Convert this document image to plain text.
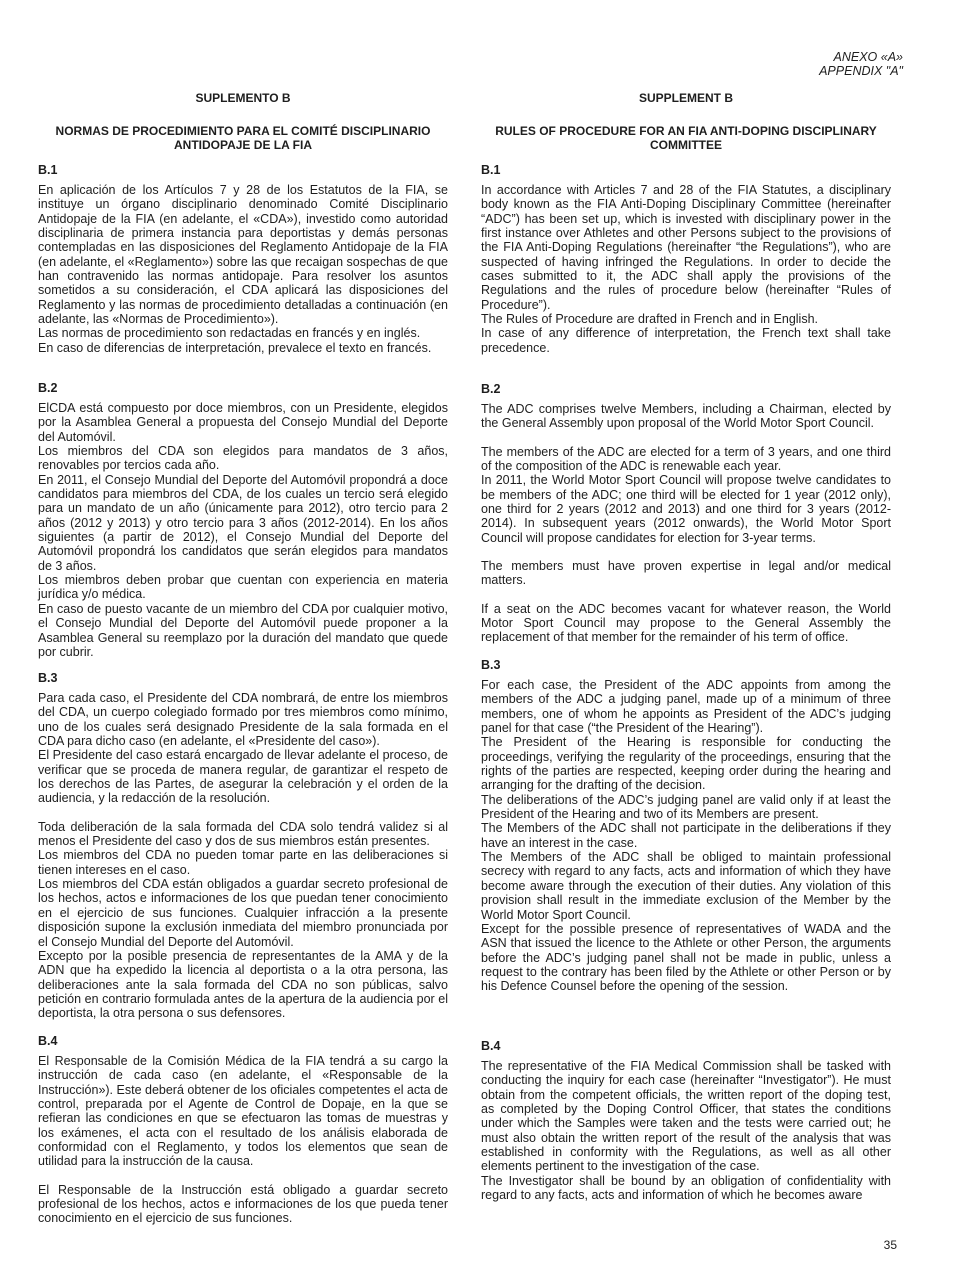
ANEXO «A»
APPENDIX "A"
SUPLEMENTO B
NORMAS DE PROCEDIMIENTO PARA EL COMITÉ DISCIPLINARIO ANTIDOPAJE DE LA FIA
B.1

En aplicación de los Artículos 7 y 28 de los Estatutos de la FIA, se instituye un órgano disciplinario denominado Comité Disciplinario Antidopaje de la FIA (en adelante, el «CDA»), investido como autoridad disciplinaria de primera instancia para deportistas y demás personas contempladas en las disposiciones del Reglamento Antidopaje de la FIA (en adelante, el «Reglamento») sobre las que recaigan sospechas de que han contravenido las normas antidopaje. Para resolver los asuntos sometidos a su consideración, el CDA aplicará las disposiciones del Reglamento y las normas de procedimiento detalladas a continuación (en adelante, las «Normas de Procedimiento»).

Las normas de procedimiento son redactadas en francés y en inglés.

En caso de diferencias de interpretación, prevalece el texto en francés.

B.2

ElCDA está compuesto por doce miembros, con un Presidente, elegidos por la Asamblea General a propuesta del Consejo Mundial del Deporte del Automóvil.

Los miembros del CDA son elegidos para mandatos de 3 años, renovables por tercios cada año.

En 2011, el Consejo Mundial del Deporte del Automóvil propondrá a doce candidatos para miembros del CDA, de los cuales un tercio será elegido para un mandato de un año (únicamente para 2012), otro tercio para 2 años (2012 y 2013) y otro tercio para 3 años (2012-2014). En los años siguientes (a partir de 2012), el Consejo Mundial del Deporte del Automóvil propondrá los candidatos que serán elegidos para mandatos de 3 años.

Los miembros deben probar que cuentan con experiencia en materia jurídica y/o médica.

En caso de puesto vacante de un miembro del CDA por cualquier motivo, el Consejo Mundial del Deporte del Automóvil puede proponer a la Asamblea General su reemplazo por la duración del mandato que quede por cubrir.

B.3

Para cada caso, el Presidente del CDA nombrará, de entre los miembros del CDA, un cuerpo colegiado formado por tres miembros como mínimo, uno de los cuales será designado Presidente de la sala formada en el CDA para dicho caso (en adelante, el «Presidente del caso»).

El Presidente del caso estará encargado de llevar adelante el proceso, de verificar que se proceda de manera regular, de garantizar el respeto de los derechos de las Partes, de asegurar la celebración y el orden de la audiencia, y la redacción de la resolución.

Toda deliberación de la sala formada del CDA solo tendrá validez si al menos el Presidente del caso y dos de sus miembros están presentes.

Los miembros del CDA no pueden tomar parte en las deliberaciones si tienen intereses en el caso.

Los miembros del CDA están obligados a guardar secreto profesional de los hechos, actos e informaciones de los que puedan tener conocimiento en el ejercicio de sus funciones. Cualquier infracción a la presente disposición supone la exclusión inmediata del miembro pronunciada por el Consejo Mundial del Deporte del Automóvil.

Excepto por la posible presencia de representantes de la AMA y de la ADN que ha expedido la licencia al deportista o a la otra persona, las deliberaciones ante la sala formada del CDA no son públicas, salvo petición en contrario formulada antes de la apertura de la audiencia por el deportista, la otra persona o sus defensores.

B.4

El Responsable de la Comisión Médica de la FIA tendrá a su cargo la instrucción de cada caso (en adelante, el «Responsable de la Instrucción»). Este deberá obtener de los oficiales competentes el acta de control, preparada por el Agente de Control de Dopaje, en la que se refieran las condiciones en que se efectuaron las tomas de muestras y los exámenes, el acta con el resultado de los análisis elaborada de conformidad con el Reglamento, y todos los elementos que sean de utilidad para la instrucción de la causa.

El Responsable de la Instrucción está obligado a guardar secreto profesional de los hechos, actos e informaciones de los que pueda tener conocimiento en el ejercicio de sus funciones.

SUPPLEMENT B
RULES OF PROCEDURE FOR AN FIA ANTI-DOPING DISCIPLINARY COMMITTEE
B.1

In accordance with Articles 7 and 28 of the FIA Statutes, a disciplinary body known as the FIA Anti-Doping Disciplinary Committee (hereinafter “ADC”) has been set up, which is invested with disciplinary power in the first instance over Athletes and other Persons subject to the provisions of the FIA Anti-Doping Regulations (hereinafter “the Regulations”), who are suspected of having infringed the Regulations. In order to decide the cases submitted to it, the ADC shall apply the provisions of the Regulations and the rules of procedure below (hereinafter “Rules of Procedure”).

The Rules of Procedure are drafted in French and in English.

In case of any difference of interpretation, the French text shall take precedence.

B.2

The ADC comprises twelve Members, including a Chairman, elected by the General Assembly upon proposal of the World Motor Sport Council.

The members of the ADC are elected for a term of 3 years, and one third of the composition of the ADC is renewable each year.

In 2011, the World Motor Sport Council will propose twelve candidates to be members of the ADC; one third will be elected for 1 year (2012 only), one third for 2 years (2012 and 2013) and one third for 3 years (2012-2014). In subsequent years (2012 onwards), the World Motor Sport Council will propose candidates for election for 3-year terms.

The members must have proven expertise in legal and/or medical matters.

If a seat on the ADC becomes vacant for whatever reason, the World Motor Sport Council may propose to the General Assembly the replacement of that member for the remainder of his term of office.

B.3

For each case, the President of the ADC appoints from among the members of the ADC a judging panel, made up of a minimum of three members, one of whom he appoints as President of the ADC’s judging panel for that case (“the President of the Hearing”).

The President of the Hearing is responsible for conducting the proceedings, verifying the regularity of the proceedings, ensuring that the rights of the parties are respected, keeping order during the hearing and arranging for the drafting of the decision.

The deliberations of the ADC’s judging panel are valid only if at least the President of the Hearing and two of its Members are present.

The Members of the ADC shall not participate in the deliberations if they have an interest in the case.

The Members of the ADC shall be obliged to maintain professional secrecy with regard to any facts, acts and information of which they have become aware through the execution of their duties. Any violation of this provision shall result in the immediate exclusion of the Member by the World Motor Sport Council.

Except for the possible presence of representatives of WADA and the ASN that issued the licence to the Athlete or other Person, the arguments before the ADC’s judging panel shall not be made in public, unless a request to the contrary has been filed by the Athlete or other Person or by his Defence Counsel before the opening of the session.

B.4

The representative of the FIA Medical Commission shall be tasked with conducting the inquiry for each case (hereinafter “Investigator”). He must obtain from the competent officials, the written report of the doping test, as completed by the Doping Control Officer, that states the conditions under which the Samples were taken and the tests were carried out; he must also obtain the written report of the result of the analysis that was established in conformity with the Regulations, as well as all other elements pertinent to the investigation of the case.

The Investigator shall be bound by an obligation of confidentiality with regard to any facts, acts and information of which he becomes aware

35
